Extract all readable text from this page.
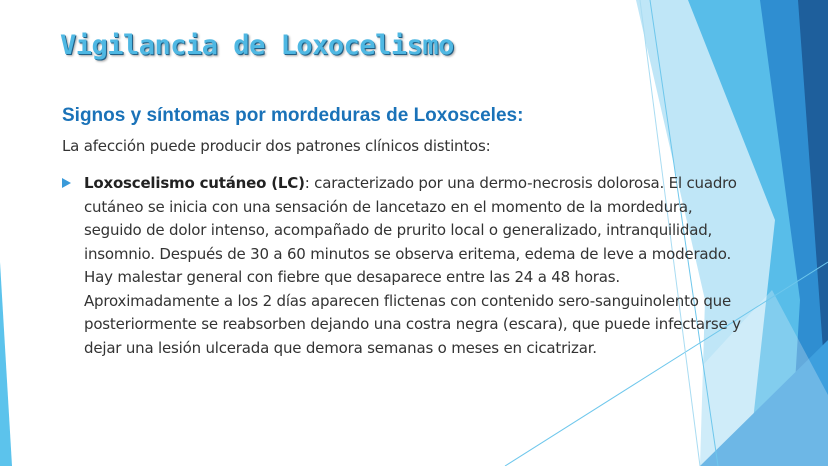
Vigilancia de Loxocelismo
Signos y síntomas por mordeduras de Loxosceles:

La afección puede producir dos patrones clínicos distintos:

Loxoscelismo cutáneo (LC): caracterizado por una dermo-necrosis dolorosa. El cuadro cutáneo se inicia con una sensación de lancetazo en el momento de la mordedura, seguido de dolor intenso, acompañado de prurito local o generalizado, intranquilidad, insomnio. Después de 30 a 60 minutos se observa eritema, edema de leve a moderado. Hay malestar general con fiebre que desaparece entre las 24 a 48 horas. Aproximadamente a los 2 días aparecen flictenas con contenido sero-sanguinolento que posteriormente se reabsorben dejando una costra negra (escara), que puede infectarse y dejar una lesión ulcerada que demora semanas o meses en cicatrizar.
